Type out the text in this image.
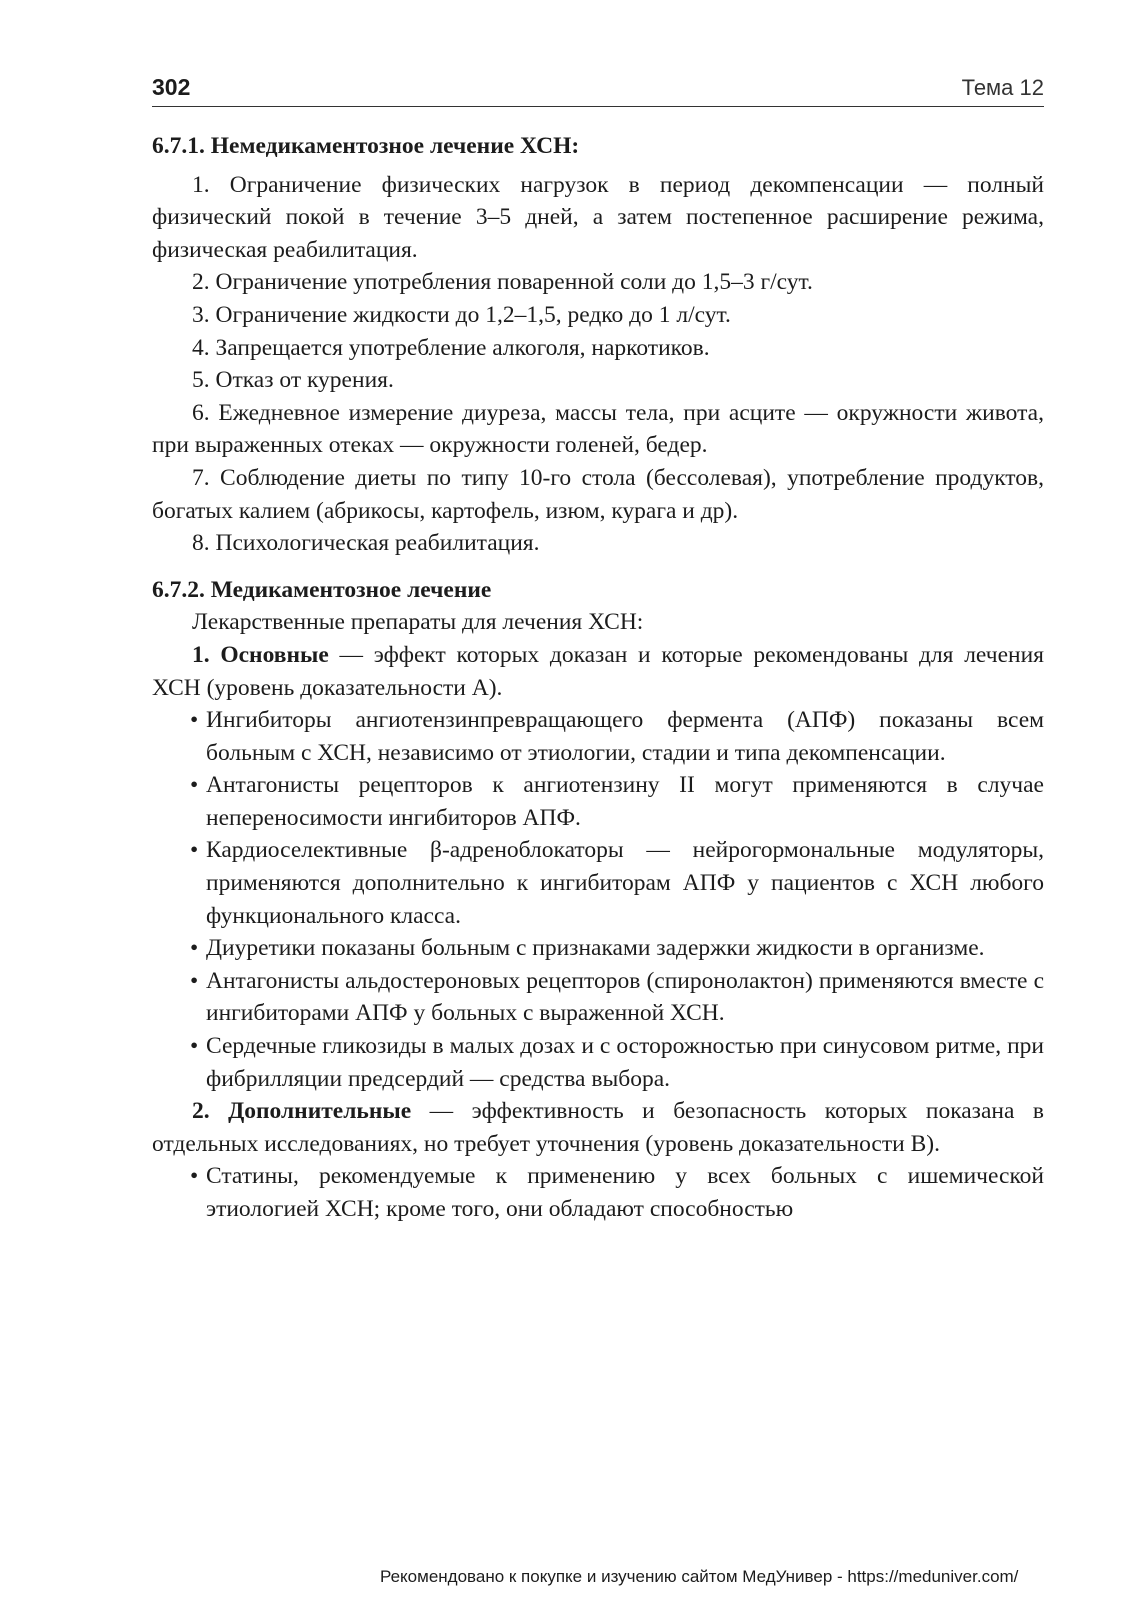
302	Тема 12

6.7.1. Немедикаментозное лечение ХСН:

1. Ограничение физических нагрузок в период декомпенсации — полный физический покой в течение 3–5 дней, а затем постепенное расширение режима, физическая реабилитация.

2. Ограничение употребления поваренной соли до 1,5–3 г/сут.

3. Ограничение жидкости до 1,2–1,5, редко до 1 л/сут.

4. Запрещается употребление алкоголя, наркотиков.

5. Отказ от курения.

6. Ежедневное измерение диуреза, массы тела, при асците — окружности живота, при выраженных отеках — окружности голеней, бедер.

7. Соблюдение диеты по типу 10-го стола (бессолевая), употребление продуктов, богатых калием (абрикосы, картофель, изюм, курага и др).

8. Психологическая реабилитация.

6.7.2. Медикаментозное лечение

Лекарственные препараты для лечения ХСН:

1. Основные — эффект которых доказан и которые рекомендованы для лечения ХСН (уровень доказательности А).

• Ингибиторы ангиотензинпревращающего фермента (АПФ) показаны всем больным с ХСН, независимо от этиологии, стадии и типа декомпенсации.

• Антагонисты рецепторов к ангиотензину II могут применяются в случае непереносимости ингибиторов АПФ.

• Кардиоселективные β-адреноблокаторы — нейрогормональные модуляторы, применяются дополнительно к ингибиторам АПФ у пациентов с ХСН любого функционального класса.

• Диуретики показаны больным с признаками задержки жидкости в организме.

• Антагонисты альдостероновых рецепторов (спиронолактон) применяются вместе с ингибиторами АПФ у больных с выраженной ХСН.

• Сердечные гликозиды в малых дозах и с осторожностью при синусовом ритме, при фибрилляции предсердий — средства выбора.

2. Дополнительные — эффективность и безопасность которых показана в отдельных исследованиях, но требует уточнения (уровень доказательности В).

• Статины, рекомендуемые к применению у всех больных с ишемической этиологией ХСН; кроме того, они обладают способностью

Рекомендовано к покупке и изучению сайтом МедУнивер - https://meduniver.com/
